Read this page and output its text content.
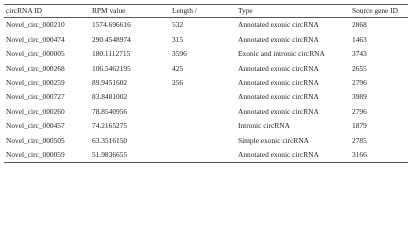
circRNA ID	RPM value	Length /	Type	Source gene ID
Novel_circ_000210	1574.696616	532	Annotated exonic circRNA	2868
Novel_circ_000474	290.4548974	315	Annotated exonic circRNA	1463
Novel_circ_000005	180.1112715	3596	Exonic and intronic circRNA	3743
Novel_circ_000268	106.5462195	425	Annotated exonic circRNA	2655
Novel_circ_000259	89.9451602	256	Annotated exonic circRNA	2796
Novel_circ_000727	83.8481002		Annotated exonic circRNA	3989
Novel_circ_000260	78.8540956		Annotated exonic circRNA	2796
Novel_circ_000457	74.2165275		Intronic circRNA	1879
Novel_circ_000505	63.3516150		Simple exonic circRNA	2785
Novel_circ_000059	51.9836655		Annotated exonic circRNA	3166
